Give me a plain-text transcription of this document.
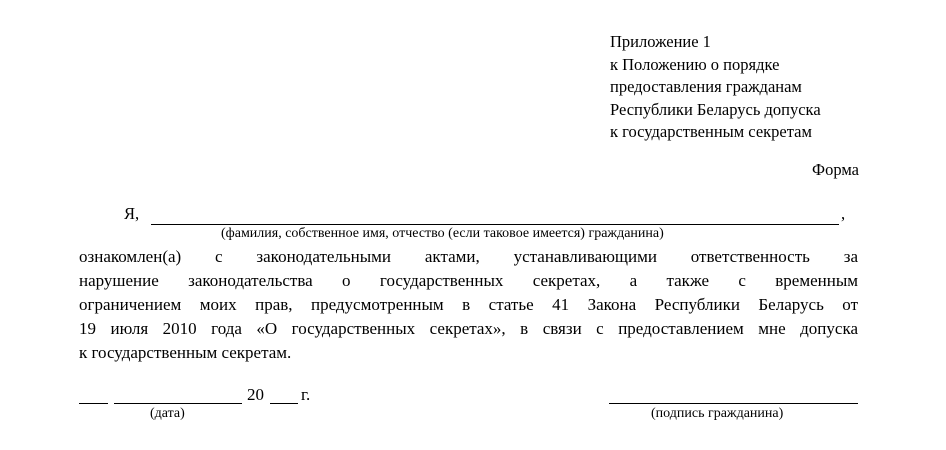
Приложение 1
к Положению о порядке
предоставления гражданам
Республики Беларусь допуска
к государственным секретам
Форма
Я,	,
(фамилия, собственное имя, отчество (если таковое имеется) гражданина)
ознакомлен(а) с законодательными актами, устанавливающими ответственность за
нарушение законодательства о государственных секретах, а также с временным
ограничением моих прав, предусмотренным в статье 41 Закона Республики Беларусь от
19 июля 2010 года «О государственных секретах», в связи с предоставлением мне допуска
к государственным секретам.
20 г.
(дата)	(подпись гражданина)
